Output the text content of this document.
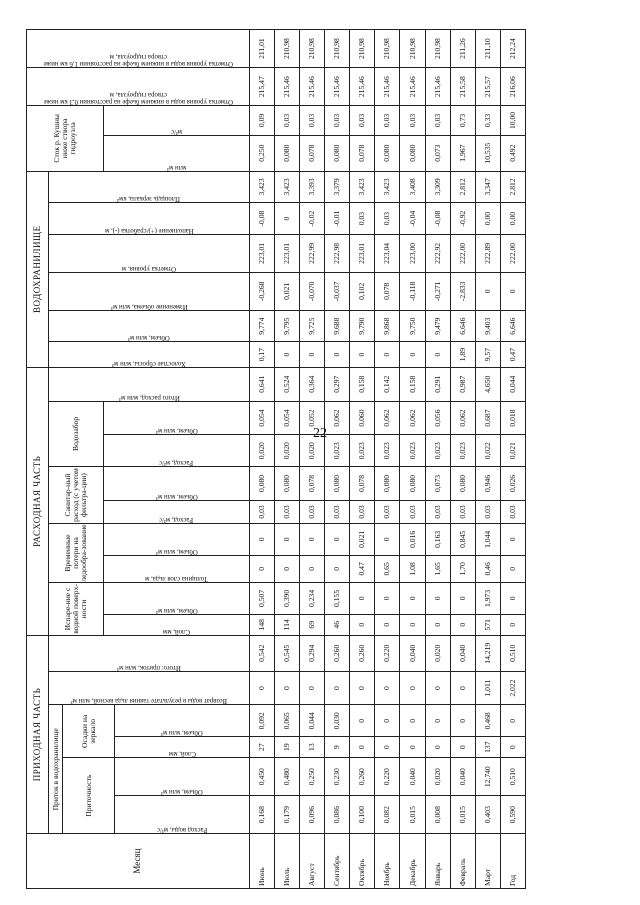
22
Месяц	ПРИХОДНАЯ ЧАСТЬ						РАСХОДНАЯ ЧАСТЬ									ВОДОХРАНИЛИЩЕ						Сток р. Кушны ниже створа гидроузла		Отметка уровня воды в нижнем бьефе на расстоянии 0,3 км ниже створа гидроузла, м	Отметка уровня воды в нижнем бьефе на расстоянии 1,6 км ниже створа гидроузла, м

	Приток в водохранилище				Возврат воды в результате таяния льда весной, млн м³	Итого: приток, млн м³	Испаре-ние с водной поверх-ности		Временные потери на ледообра-зование		Санитар-ный расход (с учетом фильтра-ции)		Водозабор		Итого расход, млн м³	Холостые сбросы, млн м³	Объем, млн м³	Изменение объема, млн м³	Отметка уровня, м	Наполнение (+)/сработка (-), м	Площадь зеркала, км²				

	Приточность		Осадки на зеркало																						

							Слой, мм	Объем, млн м³	Толщина слоя льда, м	Объем, млн м³	Расход, м³/с	Объем, млн м³	Расход, м³/с	Объем, млн м³								млн м³	м³/с		

	Расход воды, м³/с	Объем, млн м³	Слой, мм	Объем, млн м³																					

Июнь	0,168	0,450	27	0,092	0	0,542	148	0,507	0	0	0,03	0,080	0,020	0,054	0,641	0,17	9,774	-0,268	223,01	-0,08	3,423	0,250	0,09	215,47	211,01
Июль	0,179	0,480	19	0,065	0	0,545	114	0,390	0	0	0,03	0,080	0,020	0,054	0,524	0	9,795	0,021	223,01	0	3,423	0,080	0,03	215,46	210,98
Август	0,096	0,250	13	0,044	0	0,294	69	0,234	0	0	0,03	0,078	0,020	0,052	0,364	0	9,725	-0,070	222,99	-0,02	3,393	0,078	0,03	215,46	210,98
Сентябрь	0,086	0,230	9	0,030	0	0,260	46	0,155	0	0	0,03	0,080	0,023	0,062	0,297	0	9,688	-0,037	222,98	-0,01	3,379	0,080	0,03	215,46	210,98
Октябрь	0,100	0,260	0	0	0	0,260	0	0	0,47	0,021	0,03	0,078	0,023	0,060	0,158	0	9,790	0,102	223,01	0,03	3,423	0,078	0,03	215,46	210,98
Ноябрь	0,082	0,220	0	0	0	0,220	0	0	0,65	0	0,03	0,080	0,023	0,062	0,142	0	9,868	0,078	223,04	0,03	3,423	0,080	0,03	215,46	210,98
Декабрь	0,015	0,040	0	0	0	0,040	0	0	1,08	0,016	0,03	0,080	0,023	0,062	0,158	0	9,750	-0,118	223,00	-0,04	3,408	0,080	0,03	215,46	210,98
Январь	0,008	0,020	0	0	0	0,020	0	0	1,65	0,163	0,03	0,073	0,023	0,056	0,291	0	9,479	-0,271	222,92	-0,08	3,309	0,073	0,03	215,46	210,98
Февраль	0,015	0,040	0	0	0	0,040	0	0	1,70	0,845	0,03	0,080	0,023	0,062	0,987	1,89	6,646	-2,833	222,00	-0,92	2,812	1,967	0,73	215,58	211,26
Март	0,403	12,740	137	0,468	1,011	14,219	571	1,973	0,46	1,044	0,03	0,946	0,022	0,687	4,650	9,57	9,403	0	222,89	0,00	3,347	10,535	0,33	215,57	211,10
Год	0,590	0,510	0	0	2,022	0,510	0	0	0	0	0,03	0,026	0,021	0,018	0,044	0,47	6,646	0	222,00	0,00	2,812	0,492	10,00	216,06	212,24
